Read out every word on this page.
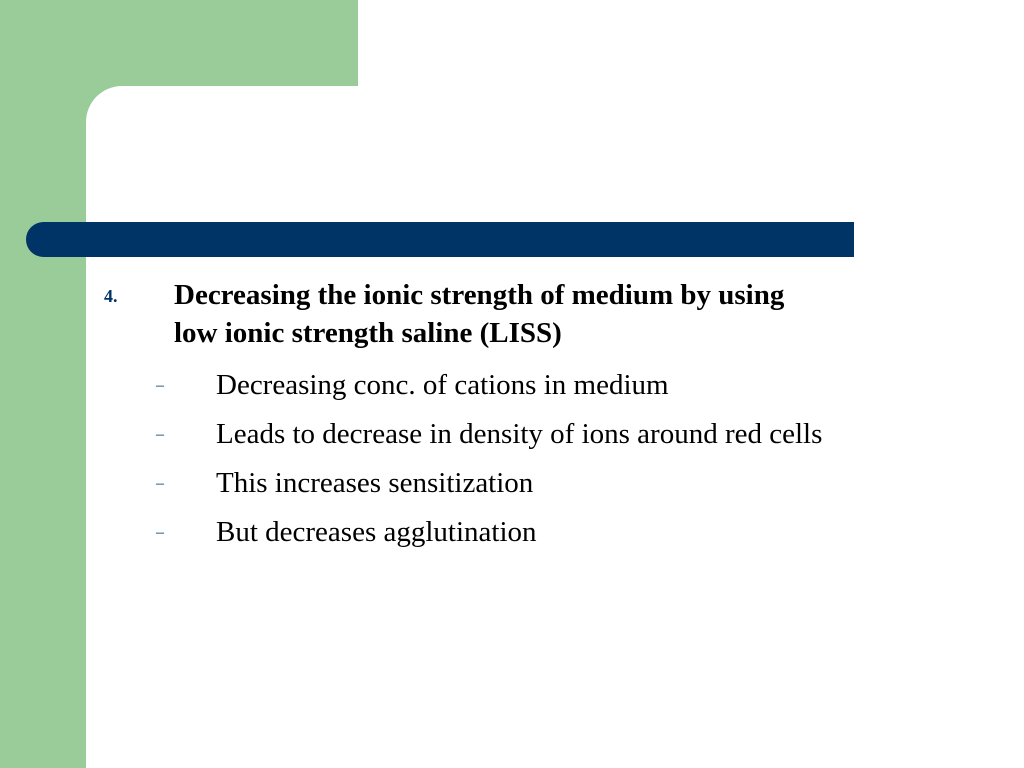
4. Decreasing the ionic strength of medium by using
low ionic strength saline (LISS)
– Decreasing conc. of cations in medium
– Leads to decrease in density of ions around red cells
– This increases sensitization
– But decreases agglutination
